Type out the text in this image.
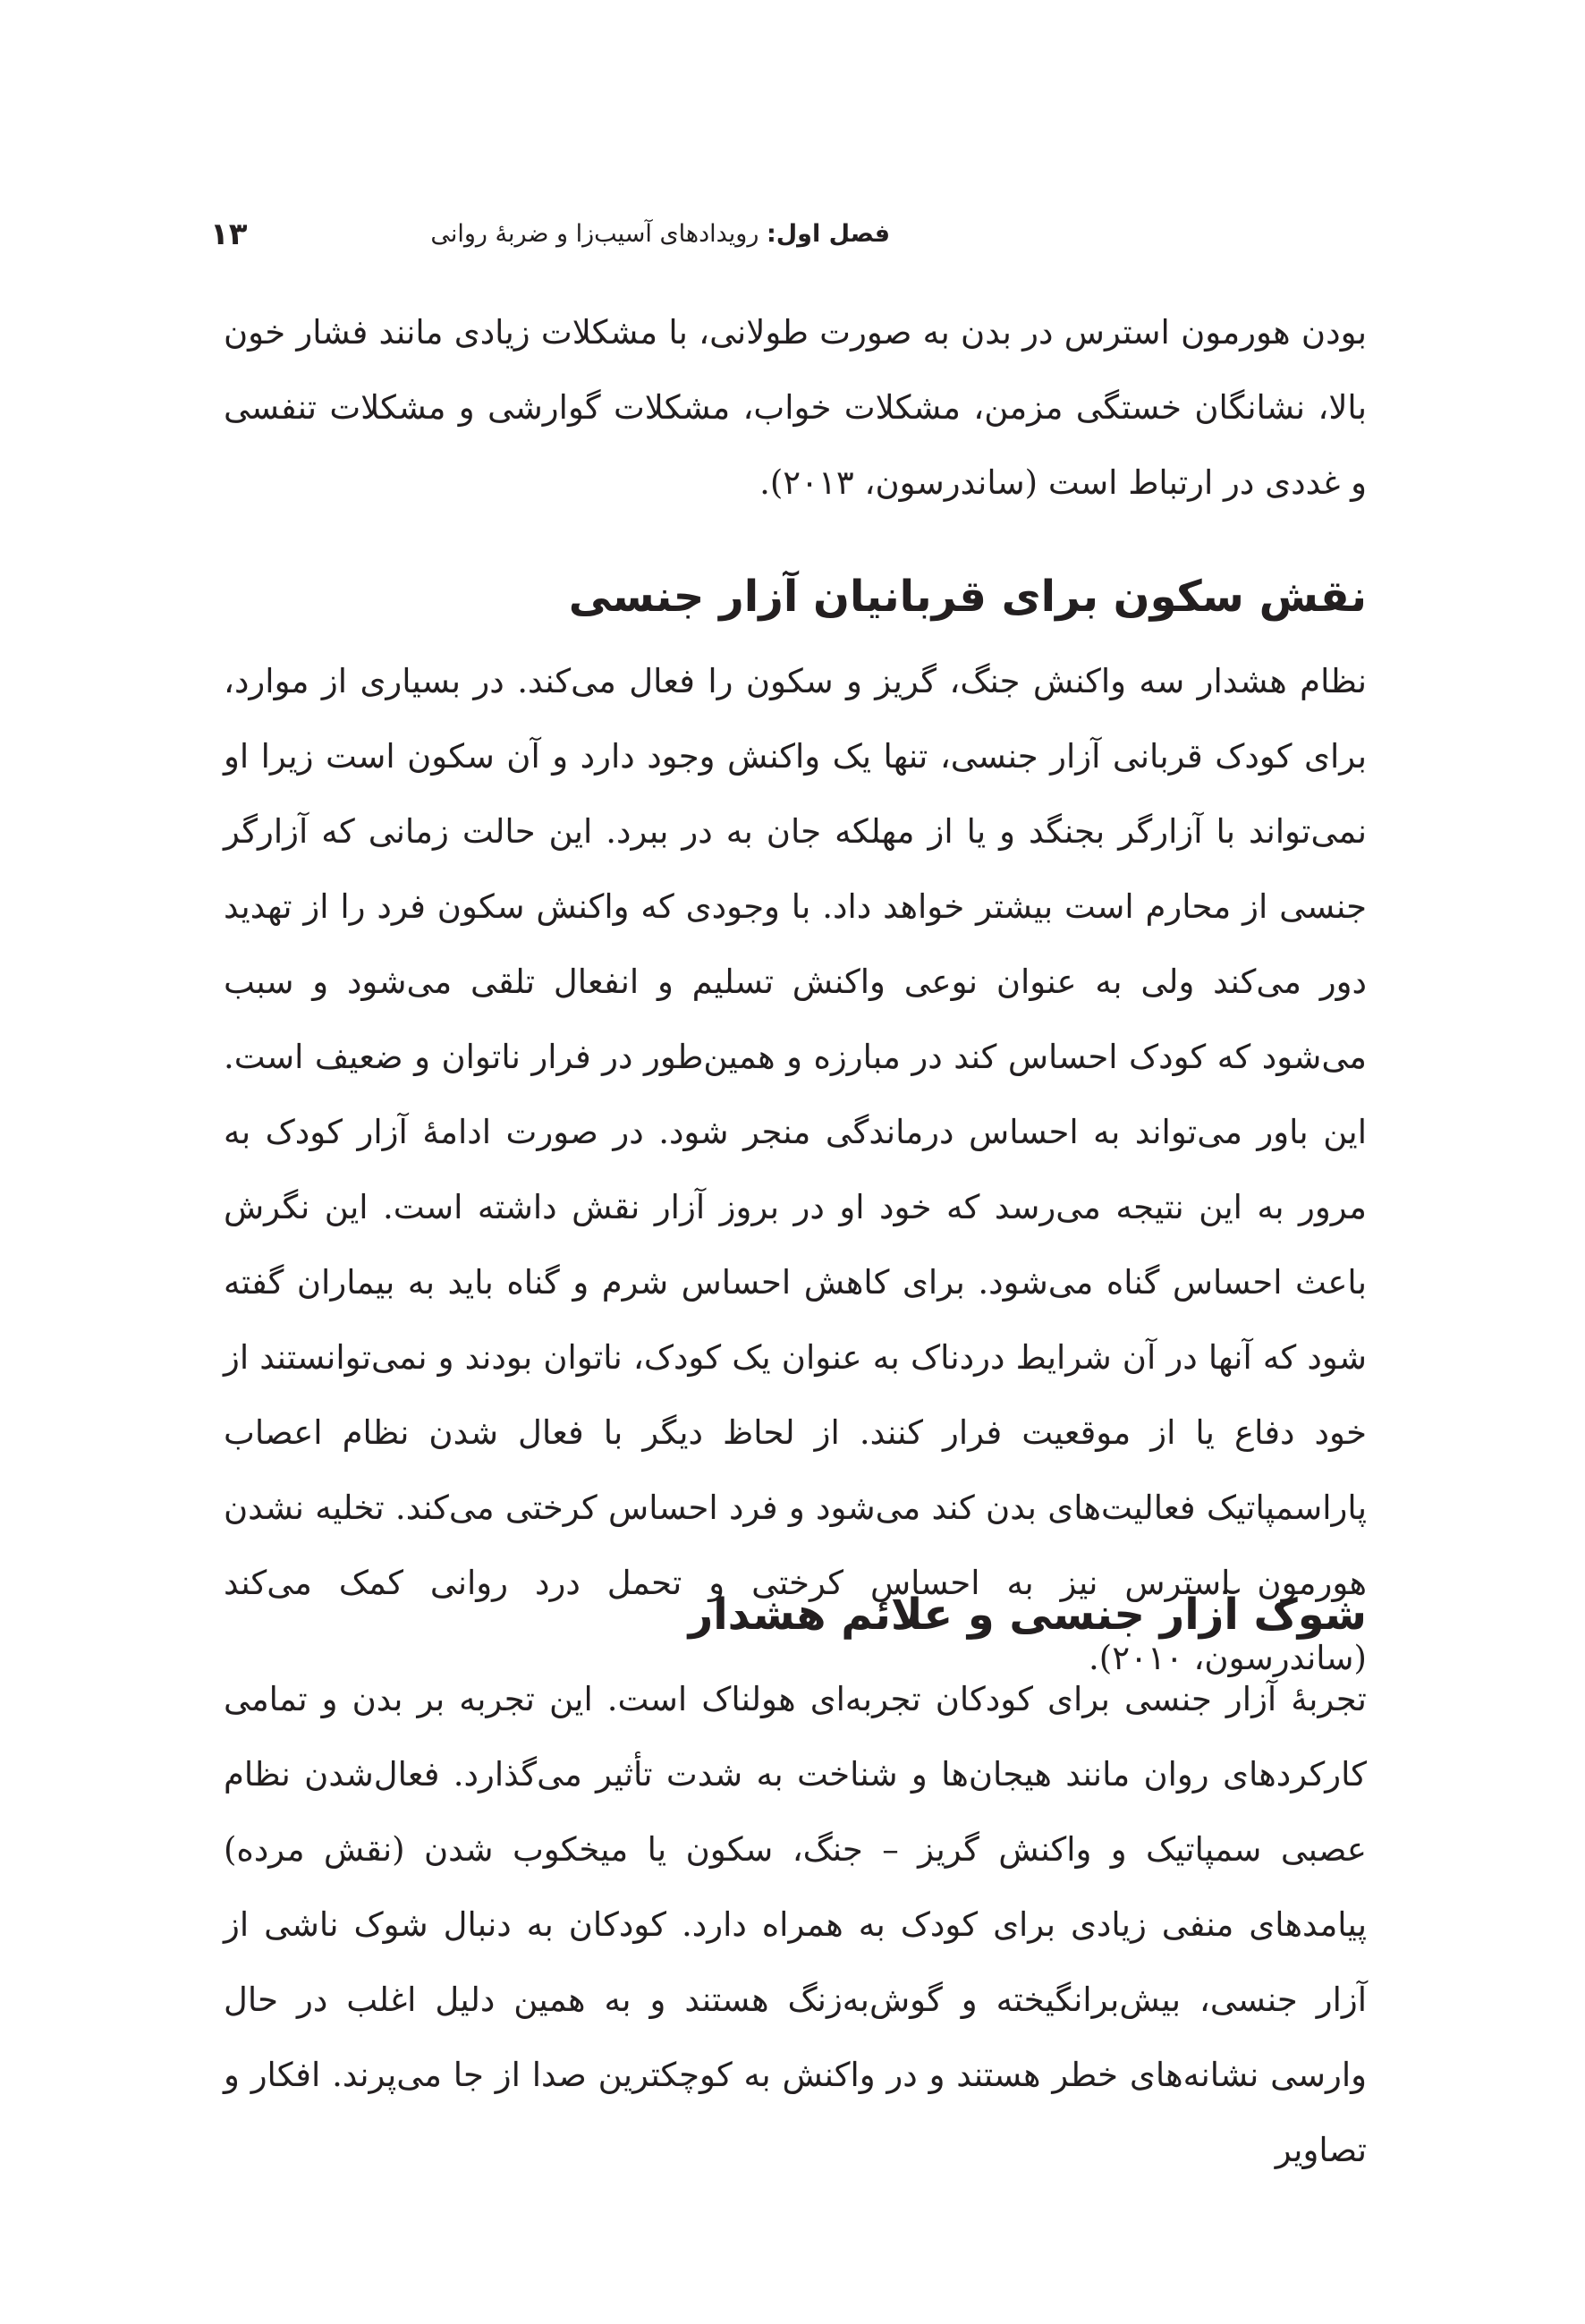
۱۳	فصل اول: رویدادهای آسیب‌زا و ضربهٔ روانی

بودن هورمون استرس در بدن به صورت طولانی، با مشکلات زیادی مانند فشار خون بالا، نشانگان خستگی مزمن، مشکلات خواب، مشکلات گوارشی و مشکلات تنفسی و غددی در ارتباط است (ساندرسون، ۲۰۱۳).

نقش سکون برای قربانیان آزار جنسی

نظام هشدار سه واکنش جنگ، گریز و سکون را فعال می‌کند. در بسیاری از موارد، برای کودک قربانی آزار جنسی، تنها یک واکنش وجود دارد و آن سکون است زیرا او نمی‌تواند با آزارگر بجنگد و یا از مهلکه جان به در ببرد. این حالت زمانی که آزارگر جنسی از محارم است بیشتر خواهد داد. با وجودی که واکنش سکون فرد را از تهدید دور می‌کند ولی به عنوان نوعی واکنش تسلیم و انفعال تلقی می‌شود و سبب می‌شود که کودک احساس کند در مبارزه و همین‌طور در فرار ناتوان و ضعیف است. این باور می‌تواند به احساس درماندگی منجر شود. در صورت ادامهٔ آزار کودک به مرور به این نتیجه می‌رسد که خود او در بروز آزار نقش داشته است. این نگرش باعث احساس گناه می‌شود. برای کاهش احساس شرم و گناه باید به بیماران گفته شود که آنها در آن شرایط دردناک به عنوان یک کودک، ناتوان بودند و نمی‌توانستند از خود دفاع یا از موقعیت فرار کنند. از لحاظ دیگر با فعال شدن نظام اعصاب پاراسمپاتیک فعالیت‌های بدن کند می‌شود و فرد احساس کرختی می‌کند. تخلیه نشدن هورمون استرس نیز به احساس کرختی و تحمل درد روانی کمک می‌کند (ساندرسون، ۲۰۱۰).

شوک آزار جنسی و علائم هشدار

تجربهٔ آزار جنسی برای کودکان تجربه‌ای هولناک است. این تجربه بر بدن و تمامی کارکردهای روان مانند هیجان‌ها و شناخت به شدت تأثیر می‌گذارد. فعال‌شدن نظام عصبی سمپاتیک و واکنش گریز – جنگ، سکون یا میخکوب شدن (نقش مرده) پیامدهای منفی زیادی برای کودک به همراه دارد. کودکان به دنبال شوک ناشی از آزار جنسی، بیش‌برانگیخته و گوش‌به‌زنگ هستند و به همین دلیل اغلب در حال وارسی نشانه‌های خطر هستند و در واکنش به کوچکترین صدا از جا می‌پرند. افکار و تصاویر
